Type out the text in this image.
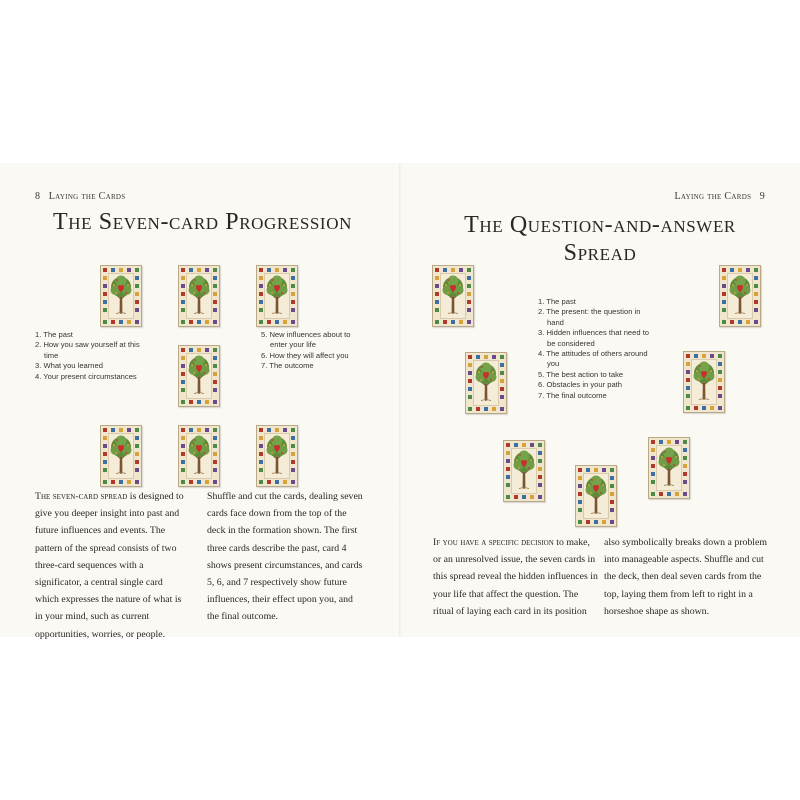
8 Laying the Cards
The Seven-card Progression
1. The past
2. How you saw yourself at this time
3. What you learned
4. Your present circumstances
5. New influences about to enter your life
6. How they will affect you
7. The outcome
The seven-card spread is designed to give you deeper insight into past and future influences and events. The pattern of the spread consists of two three-card sequences with a significator, a central single card which expresses the nature of what is in your mind, such as current opportunities, worries, or people.
Shuffle and cut the cards, dealing seven cards face down from the top of the deck in the formation shown. The first three cards describe the past, card 4 shows present circumstances, and cards 5, 6, and 7 respectively show future influences, their effect upon you, and the final outcome.
Laying the Cards 9
The Question-and-answer
Spread
1. The past
2. The present: the question in hand
3. Hidden influences that need to be considered
4. The attitudes of others around you
5. The best action to take
6. Obstacles in your path
7. The final outcome
If you have a specific decision to make, or an unresolved issue, the seven cards in this spread reveal the hidden influences in your life that affect the question. The ritual of laying each card in its position
also symbolically breaks down a problem into manageable aspects. Shuffle and cut the deck, then deal seven cards from the top, laying them from left to right in a horseshoe shape as shown.
